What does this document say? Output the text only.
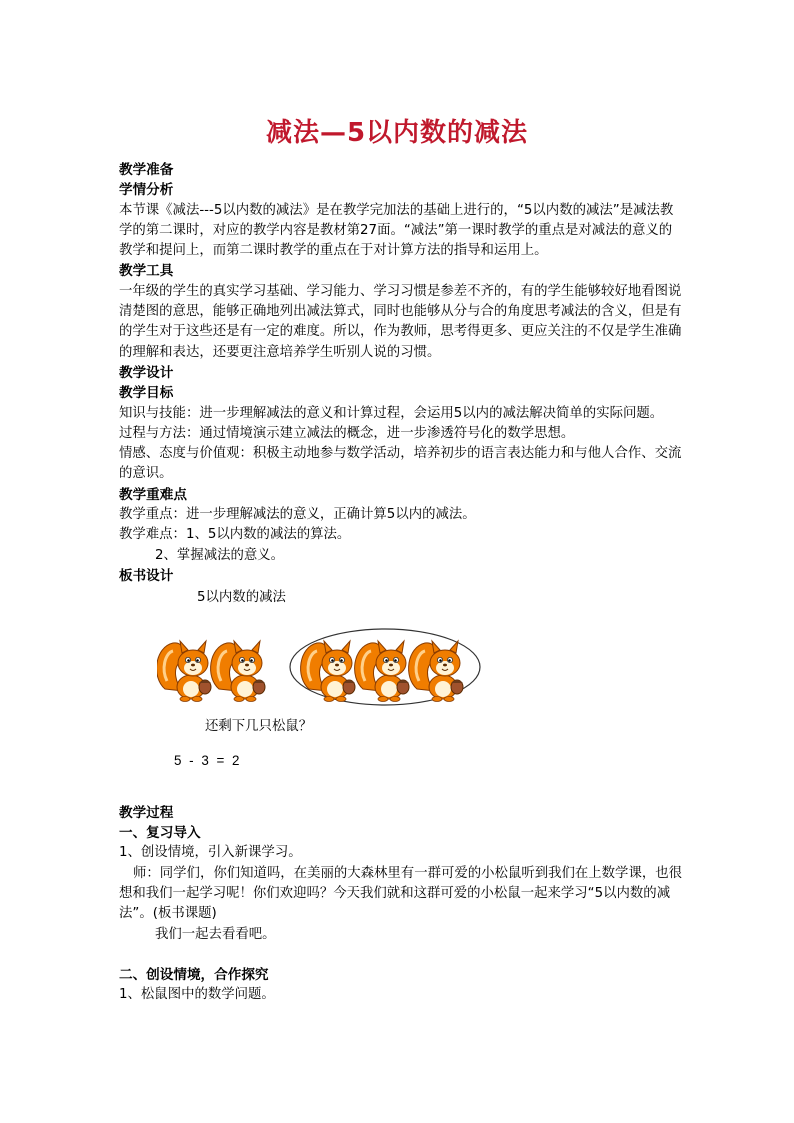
减法—5以内数的减法

教学准备

学情分析

本节课《减法---5以内数的减法》是在教学完加法的基础上进行的，“5以内数的减法”是减法教学的第二课时，对应的教学内容是教材第27面。“减法”第一课时教学的重点是对减法的意义的教学和提问上，而第二课时教学的重点在于对计算方法的指导和运用上。

教学工具

一年级的学生的真实学习基础、学习能力、学习习惯是参差不齐的，有的学生能够较好地看图说清楚图的意思，能够正确地列出减法算式，同时也能够从分与合的角度思考减法的含义，但是有的学生对于这些还是有一定的难度。所以，作为教师，思考得更多、更应关注的不仅是学生准确的理解和表达，还要更注意培养学生听别人说的习惯。

教学设计

教学目标

知识与技能：进一步理解减法的意义和计算过程，会运用5以内的减法解决简单的实际问题。

过程与方法：通过情境演示建立减法的概念，进一步渗透符号化的数学思想。

情感、态度与价值观：积极主动地参与数学活动，培养初步的语言表达能力和与他人合作、交流的意识。

教学重难点

教学重点：进一步理解减法的意义，正确计算5以内的减法。

教学难点：1、5以内数的减法的算法。

2、掌握减法的意义。

板书设计

5以内数的减法

还剩下几只松鼠？

5 - 3 = 2

教学过程

一、复习导入

1、创设情境，引入新课学习。

师：同学们，你们知道吗，在美丽的大森林里有一群可爱的小松鼠听到我们在上数学课，也很想和我们一起学习呢！你们欢迎吗？今天我们就和这群可爱的小松鼠一起来学习“5以内数的减法”。(板书课题)

我们一起去看看吧。

二、创设情境，合作探究

1、松鼠图中的数学问题。
